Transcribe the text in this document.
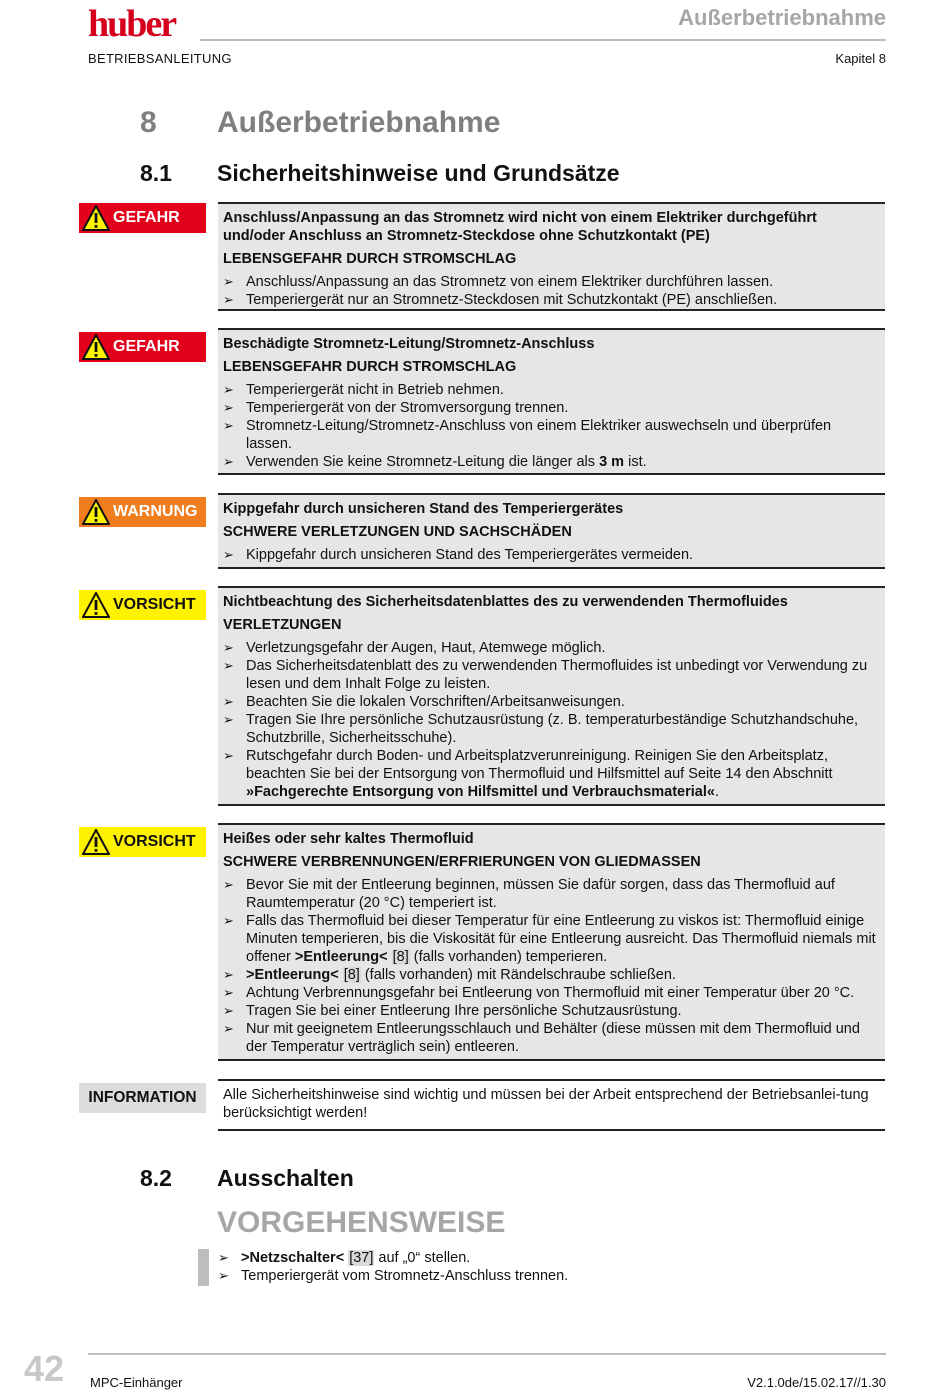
huber	Außerbetriebnahme
BETRIEBSANLEITUNG	Kapitel 8
8 Außerbetriebnahme
8.1 Sicherheitshinweise und Grundsätze
GEFAHR	Anschluss/Anpassung an das Stromnetz wird nicht von einem Elektriker durchgeführt und/oder Anschluss an Stromnetz-Steckdose ohne Schutzkontakt (PE)
LEBENSGEFAHR DURCH STROMSCHLAG
➢ Anschluss/Anpassung an das Stromnetz von einem Elektriker durchführen lassen.
➢ Temperiergerät nur an Stromnetz-Steckdosen mit Schutzkontakt (PE) anschließen.
GEFAHR	Beschädigte Stromnetz-Leitung/Stromnetz-Anschluss
LEBENSGEFAHR DURCH STROMSCHLAG
➢ Temperiergerät nicht in Betrieb nehmen.
➢ Temperiergerät von der Stromversorgung trennen.
➢ Stromnetz-Leitung/Stromnetz-Anschluss von einem Elektriker auswechseln und überprüfen lassen.
➢ Verwenden Sie keine Stromnetz-Leitung die länger als 3 m ist.
WARNUNG Kippgefahr durch unsicheren Stand des Temperiergerätes
SCHWERE VERLETZUNGEN UND SACHSCHÄDEN
➢ Kippgefahr durch unsicheren Stand des Temperiergerätes vermeiden.
VORSICHT Nichtbeachtung des Sicherheitsdatenblattes des zu verwendenden Thermofluides
VERLETZUNGEN
➢ Verletzungsgefahr der Augen, Haut, Atemwege möglich.
➢ Das Sicherheitsdatenblatt des zu verwendenden Thermofluides ist unbedingt vor Verwendung zu lesen und dem Inhalt Folge zu leisten.
➢ Beachten Sie die lokalen Vorschriften/Arbeitsanweisungen.
➢ Tragen Sie Ihre persönliche Schutzausrüstung (z. B. temperaturbeständige Schutzhandschuhe, Schutzbrille, Sicherheitsschuhe).
➢ Rutschgefahr durch Boden- und Arbeitsplatzverunreinigung. Reinigen Sie den Arbeitsplatz, beachten Sie bei der Entsorgung von Thermofluid und Hilfsmittel auf Seite 14 den Abschnitt »Fachgerechte Entsorgung von Hilfsmittel und Verbrauchsmaterial«.
VORSICHT Heißes oder sehr kaltes Thermofluid
SCHWERE VERBRENNUNGEN/ERFRIERUNGEN VON GLIEDMASSEN
➢ Bevor Sie mit der Entleerung beginnen, müssen Sie dafür sorgen, dass das Thermofluid auf Raumtemperatur (20 °C) temperiert ist.
➢ Falls das Thermofluid bei dieser Temperatur für eine Entleerung zu viskos ist: Thermofluid einige Minuten temperieren, bis die Viskosität für eine Entleerung ausreicht. Das Thermofluid niemals mit offener >Entleerung< [8] (falls vorhanden) temperieren.
➢ >Entleerung< [8] (falls vorhanden) mit Rändelschraube schließen.
➢ Achtung Verbrennungsgefahr bei Entleerung von Thermofluid mit einer Temperatur über 20 °C.
➢ Tragen Sie bei einer Entleerung Ihre persönliche Schutzausrüstung.
➢ Nur mit geeignetem Entleerungsschlauch und Behälter (diese müssen mit dem Thermofluid und der Temperatur verträglich sein) entleeren.
INFORMATION	Alle Sicherheitshinweise sind wichtig und müssen bei der Arbeit entsprechend der Betriebsanlei-tung berücksichtigt werden!
8.2 Ausschalten
VORGEHENSWEISE
➢ >Netzschalter< [37] auf „0“ stellen.
➢ Temperiergerät vom Stromnetz-Anschluss trennen.
42 MPC-Einhänger	V2.1.0de/15.02.17//1.30
